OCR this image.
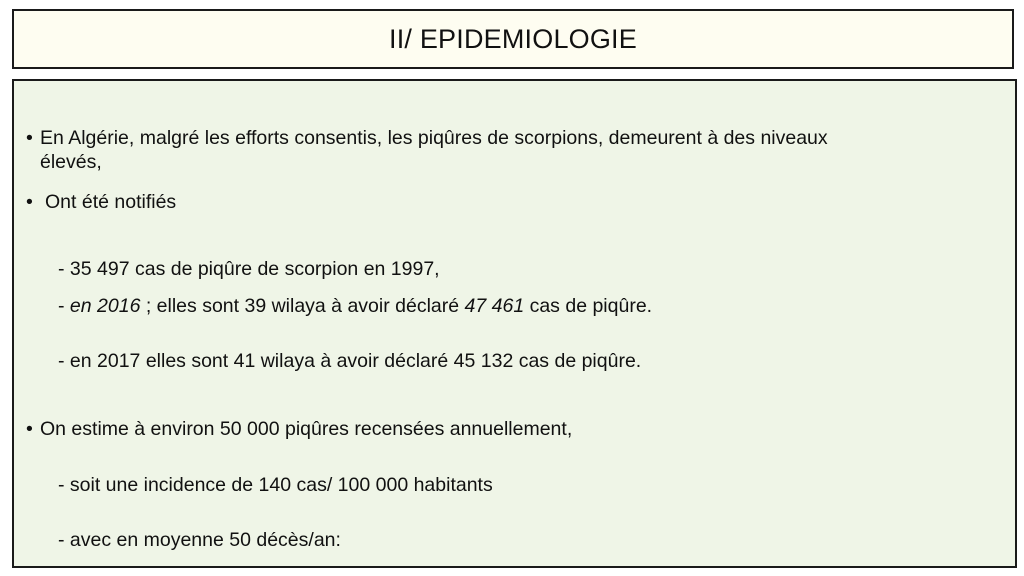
II/ EPIDEMIOLOGIE
• En Algérie, malgré les efforts consentis, les piqûres de scorpions, demeurent à des niveaux
élevés,
• Ont été notifiés
- 35 497 cas de piqûre de scorpion en 1997,
- en 2016 ; elles sont 39 wilaya à avoir déclaré 47 461 cas de piqûre.
- en 2017 elles sont 41 wilaya à avoir déclaré 45 132 cas de piqûre.
• On estime à environ 50 000 piqûres recensées annuellement,
- soit une incidence de 140 cas/ 100 000 habitants
- avec en moyenne 50 décès/an:
